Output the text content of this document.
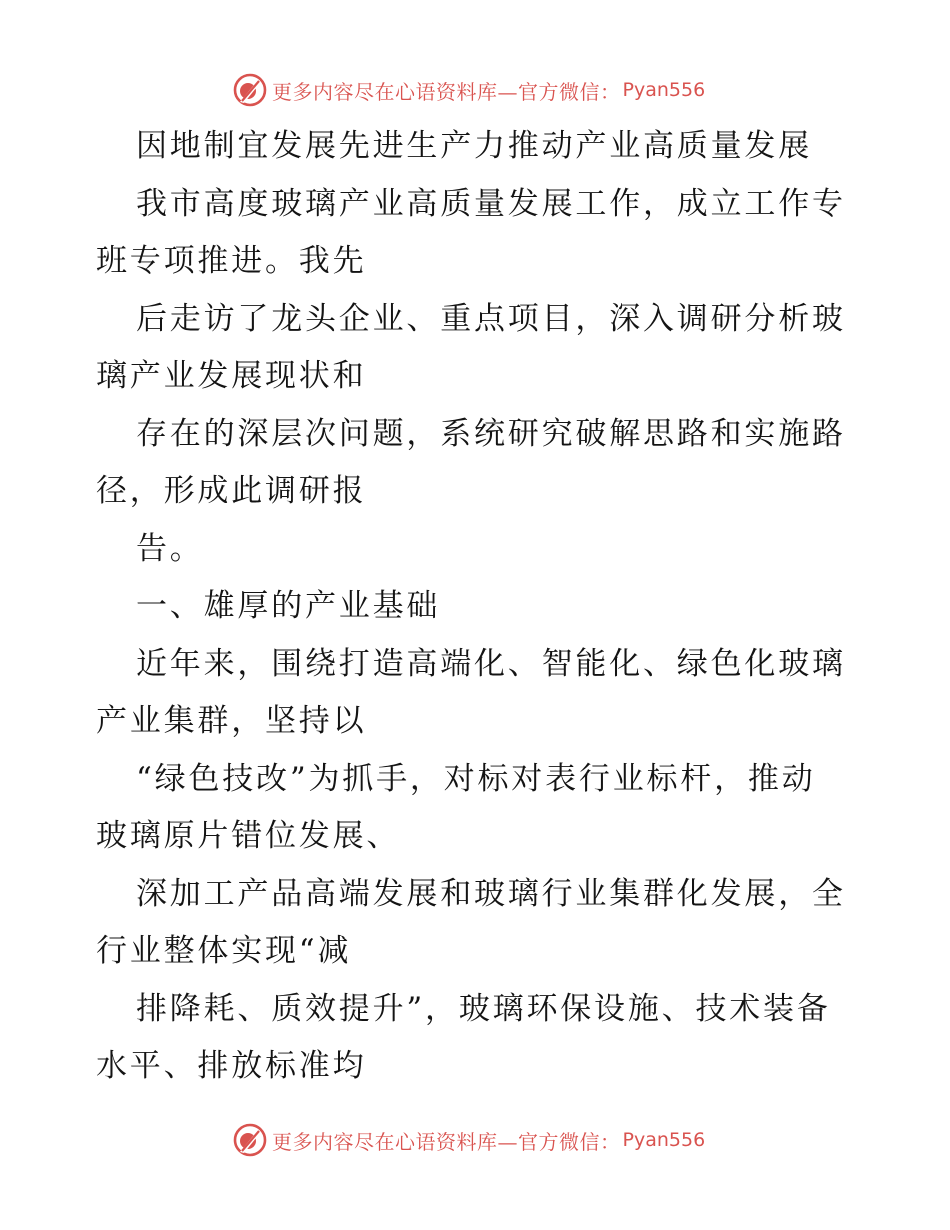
更多内容尽在心语资料库—官方微信： Pyan556
因地制宜发展先进生产力推动产业高质量发展
我市高度玻璃产业高质量发展工作，成立工作专
班专项推进。我先
后走访了龙头企业、重点项目，深入调研分析玻
璃产业发展现状和
存在的深层次问题，系统研究破解思路和实施路
径，形成此调研报
告。
一、雄厚的产业基础
近年来，围绕打造高端化、智能化、绿色化玻璃
产业集群，坚持以
“绿色技改”为抓手，对标对表行业标杆，推动
玻璃原片错位发展、
深加工产品高端发展和玻璃行业集群化发展，全
行业整体实现“减
排降耗、质效提升”，玻璃环保设施、技术装备
水平、排放标准均
更多内容尽在心语资料库—官方微信： Pyan556
